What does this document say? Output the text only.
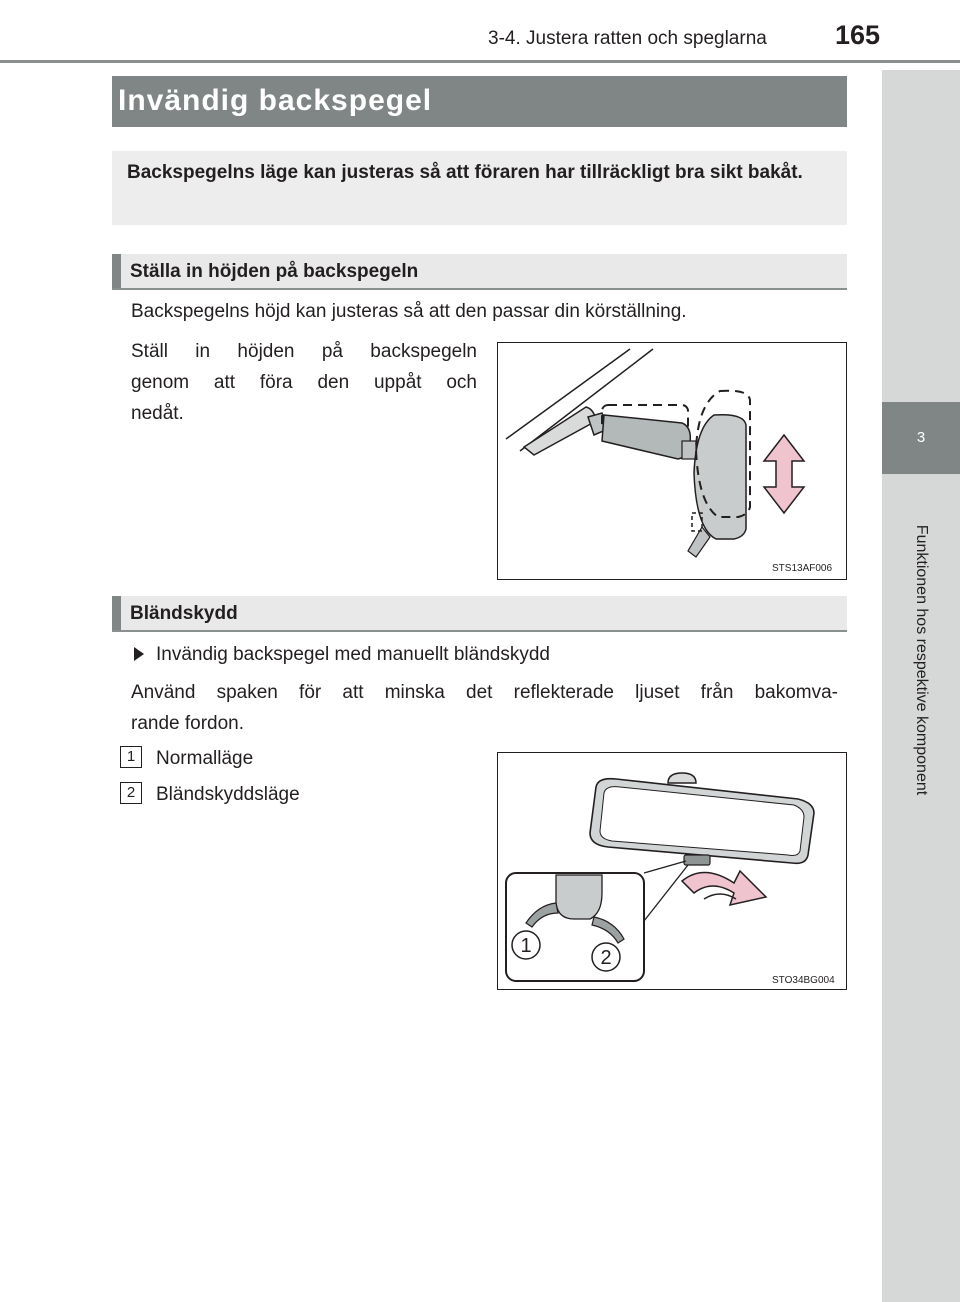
3-4. Justera ratten och speglarna	165
3
Funktionen hos respektive komponent
Invändig backspegel
Backspegelns läge kan justeras så att föraren har tillräckligt bra sikt bakåt.
Ställa in höjden på backspegeln
Backspegelns höjd kan justeras så att den passar din körställning.
Ställ in höjden på backspegeln
genom att föra den uppåt och
nedåt.
STS13AF006
Bländskydd
Invändig backspegel med manuellt bländskydd
Använd spaken för att minska det reflekterade ljuset från bakomva-
rande fordon.
1	Normalläge
2	Bländskyddsläge
1
2
STO34BG004
